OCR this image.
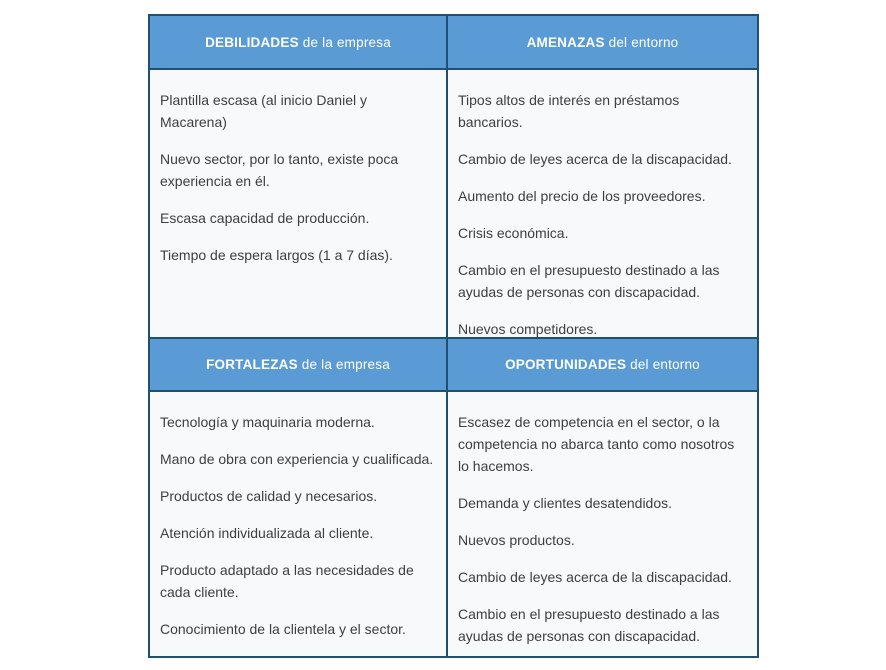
DEBILIDADES de la empresa	AMENAZAS del entorno

Plantilla escasa (al inicio Daniel y Macarena)

Nuevo sector, por lo tanto, existe poca experiencia en él.

Escasa capacidad de producción.

Tiempo de espera largos (1 a 7 días).

Tipos altos de interés en préstamos bancarios.

Cambio de leyes acerca de la discapacidad.

Aumento del precio de los proveedores.

Crisis económica.

Cambio en el presupuesto destinado a las ayudas de personas con discapacidad.

Nuevos competidores.

FORTALEZAS de la empresa	OPORTUNIDADES del entorno

Tecnología y maquinaria moderna.

Mano de obra con experiencia y cualificada.

Productos de calidad y necesarios.

Atención individualizada al cliente.

Producto adaptado a las necesidades de cada cliente.

Conocimiento de la clientela y el sector.

Escasez de competencia en el sector, o la competencia no abarca tanto como nosotros lo hacemos.

Demanda y clientes desatendidos.

Nuevos productos.

Cambio de leyes acerca de la discapacidad.

Cambio en el presupuesto destinado a las ayudas de personas con discapacidad.
